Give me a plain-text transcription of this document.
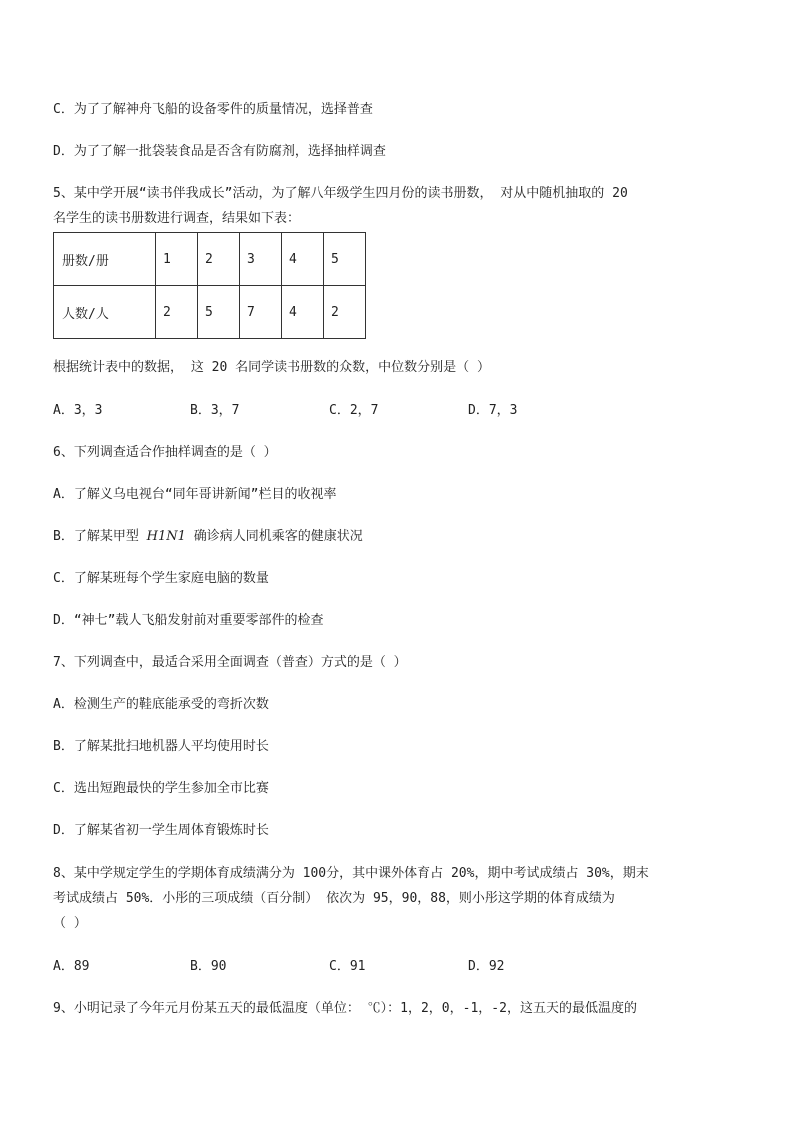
C．为了了解神舟飞船的设备零件的质量情况，选择普查
D．为了了解一批袋装食品是否含有防腐剂，选择抽样调查
5、某中学开展“读书伴我成长”活动，为了解八年级学生四月份的读书册数， 对从中随机抽取的 20
名学生的读书册数进行调查，结果如下表：
册数/册	1	2	3	4	5
人数/人	2	5	7	4	2
根据统计表中的数据， 这 20 名同学读书册数的众数，中位数分别是（ ）
A．3，3	B．3，7	C．2，7	D．7，3
6、下列调查适合作抽样调查的是（ ）
A．了解义乌电视台“同年哥讲新闻”栏目的收视率
B．了解某甲型 H1N1 确诊病人同机乘客的健康状况
C．了解某班每个学生家庭电脑的数量
D．“神七”载人飞船发射前对重要零部件的检查
7、下列调查中，最适合采用全面调查（普查）方式的是（ ）
A．检测生产的鞋底能承受的弯折次数
B．了解某批扫地机器人平均使用时长
C．选出短跑最快的学生参加全市比赛
D．了解某省初一学生周体育锻炼时长
8、某中学规定学生的学期体育成绩满分为 100分，其中课外体育占 20%，期中考试成绩占 30%，期末
考试成绩占 50%．小彤的三项成绩（百分制） 依次为 95，90，88，则小彤这学期的体育成绩为
（ ）
A．89	B．90	C．91	D．92
9、小明记录了今年元月份某五天的最低温度（单位： ℃）：1，2，0，-1，-2，这五天的最低温度的
